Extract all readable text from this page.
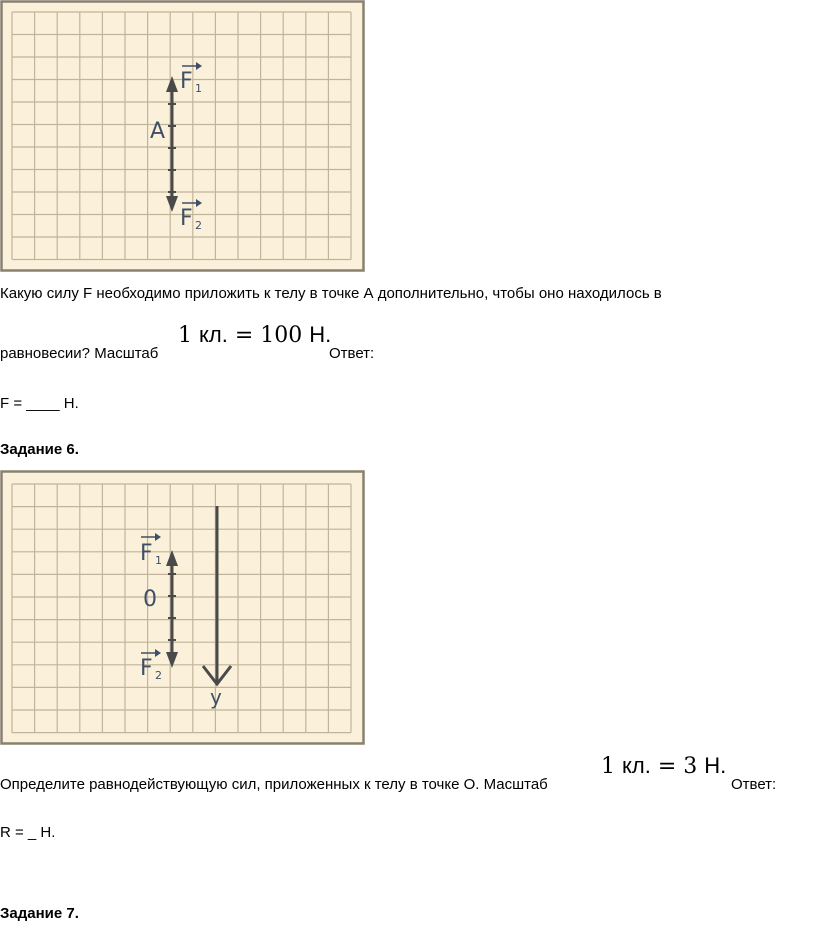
A
F 1
F 2
Какую силу F необходимо приложить к телу в точке А дополнительно, чтобы оно находилось в
равновесии? Масштаб
1 кл. = 100 Н.
Ответ:
F = ____ Н.
Задание 6.
y
0
F 1
F 2
Определите равнодействующую сил, приложенных к телу в точке О. Масштаб
1 кл. = 3 Н.
Ответ:
R = _ Н.
Задание 7.
